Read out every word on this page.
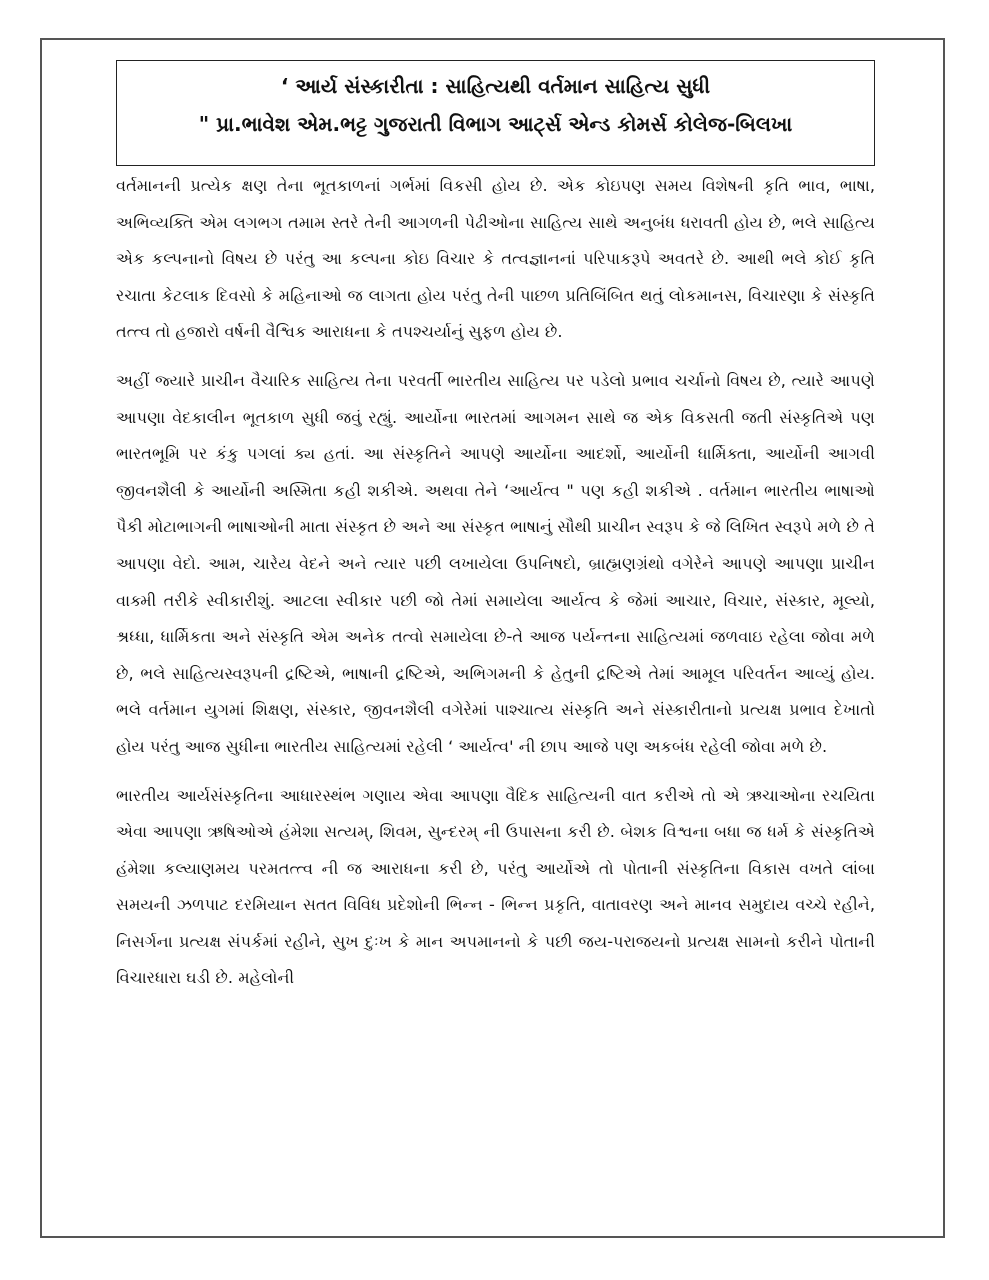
‘ આર્ય સંસ્કારીતા : સાહિત્યથી વર્તમાન સાહિત્ય સુધી
" પ્રા.ભાવેશ એમ.ભટ્ટ ગુજરાતી વિભાગ આર્ટ્સ એન્ડ કોમર્સ કોલેજ-બિલખા

વર્તમાનની પ્રત્યેક ક્ષણ તેના ભૂતકાળનાં ગર્ભમાં વિકસી હોય છે. એક કોઇપણ સમય વિશેષની કૃતિ ભાવ, ભાષા, અભિવ્યક્તિ એમ લગભગ તમામ સ્તરે તેની આગળની પેઢીઓના સાહિત્ય સાથે અનુબંધ ધરાવતી હોય છે, ભલે સાહિત્ય એક કલ્પનાનો વિષય છે પરંતુ આ કલ્પના કોઇ વિચાર કે તત્વજ્ઞાનનાં પરિપાકરૂપે અવતરે છે. આથી ભલે કોઈ કૃતિ રચાતા કેટલાક દિવસો કે મહિનાઓ જ લાગતા હોય પરંતુ તેની પાછળ પ્રતિબિંબિત થતું લોકમાનસ, વિચારણા કે સંસ્કૃતિ તત્ત્વ તો હજારો વર્ષની વૈશ્વિક આરાધના કે તપશ્ચર્યાનું સુફળ હોય છે.

અહીં જ્યારે પ્રાચીન વૈચારિક સાહિત્ય તેના પરવર્તી ભારતીય સાહિત્ય પર પડેલો પ્રભાવ ચર્ચાનો વિષય છે, ત્યારે આપણે આપણા વેદકાલીન ભૂતકાળ સુધી જવું રહ્યું. આર્યોના ભારતમાં આગમન સાથે જ એક વિકસતી જતી સંસ્કૃતિએ પણ ભારતભૂમિ પર કંકુ પગલાં ક્ય હતાં. આ સંસ્કૃતિને આપણે આર્યોના આદર્શો, આર્યોની ધાર્મિક્તા, આર્યોની આગવી જીવનશૈલી કે આર્યોની અસ્મિતા કહી શકીએ. અથવા તેને ‘આર્યત્વ " પણ કહી શકીએ . વર્તમાન ભારતીય ભાષાઓ પૈકી મોટાભાગની ભાષાઓની માતા સંસ્કૃત છે અને આ સંસ્કૃત ભાષાનું સૌથી પ્રાચીન સ્વરૂપ કે જે લિખિત સ્વરૂપે મળે છે તે આપણા વેદો. આમ, ચારેય વેદને અને ત્યાર પછી લખાયેલા ઉપનિષદો, બ્રાહ્મણગ્રંથો વગેરેને આપણે આપણા પ્રાચીન વાક્મી તરીકે સ્વીકારીશું. આટલા સ્વીકાર પછી જો તેમાં સમાયેલા આર્યત્વ કે જેમાં આચાર, વિચાર, સંસ્કાર, મૂલ્યો, શ્રધ્ધા, ધાર્મિકતા અને સંસ્કૃતિ એમ અનેક તત્વો સમાયેલા છે-તે આજ પર્યન્તના સાહિત્યમાં જળવાઇ રહેલા જોવા મળે છે, ભલે સાહિત્યસ્વરૂપની દ્રષ્ટિએ, ભાષાની દ્રષ્ટિએ, અભિગમની કે હેતુની દ્રષ્ટિએ તેમાં આમૂલ પરિવર્તન આવ્યું હોય. ભલે વર્તમાન યુગમાં શિક્ષણ, સંસ્કાર, જીવનશૈલી વગેરેમાં પાશ્ચાત્ય સંસ્કૃતિ અને સંસ્કારીતાનો પ્રત્યક્ષ પ્રભાવ દેખાતો હોય પરંતુ આજ સુધીના ભારતીય સાહિત્યમાં રહેલી ‘ આર્યત્વ' ની છાપ આજે પણ અકબંધ રહેલી જોવા મળે છે.

ભારતીય આર્યસંસ્કૃતિના આધારસ્થંભ ગણાય એવા આપણા વૈદિક સાહિત્યની વાત કરીએ તો એ ઋચાઓના રચયિતા એવા આપણા ઋષિઓએ હંમેશા સત્યમ્, શિવમ, સુન્દરમ્ ની ઉપાસના કરી છે. બેશક વિશ્વના બધા જ ધર્મ કે સંસ્કૃતિએ હંમેશા કલ્યાણમય પરમતત્ત્વ ની જ આરાધના કરી છે, પરંતુ આર્યોએ તો પોતાની સંસ્કૃતિના વિકાસ વખતે લાંબા સમયની ઝળપાટ દરમિયાન સતત વિવિધ પ્રદેશોની ભિન્ન - ભિન્ન પ્રકૃતિ, વાતાવરણ અને માનવ સમુદાય વચ્ચે રહીને, નિસર્ગના પ્રત્યક્ષ સંપર્કમાં રહીને, સુખ દુઃખ કે માન અપમાનનો કે પછી જય-પરાજયનો પ્રત્યક્ષ સામનો કરીને પોતાની વિચારધારા ઘડી છે. મહેલોની
